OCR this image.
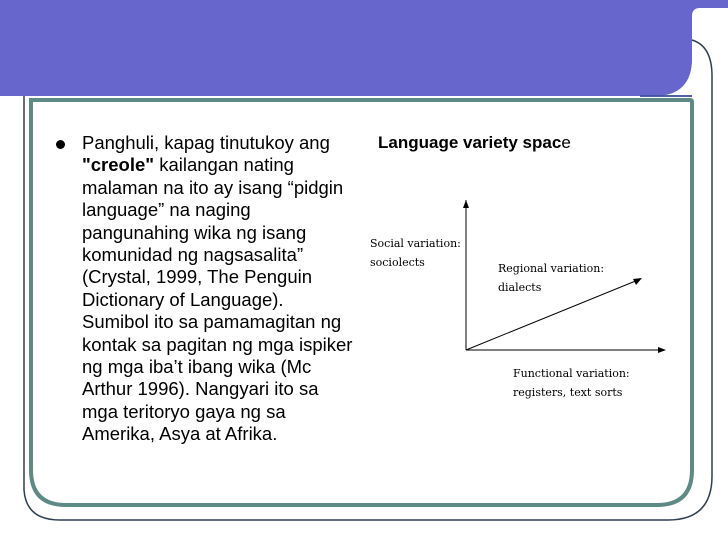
Panghuli, kapag tinutukoy ang "creole" kailangan nating malaman na ito ay isang “pidgin language” na naging pangunahing wika ng isang komunidad ng nagsasalita” (Crystal, 1999, The Penguin Dictionary of Language). Sumibol ito sa pamamagitan ng kontak sa pagitan ng mga ispiker ng mga iba’t ibang wika (Mc Arthur 1996). Nangyari ito sa mga teritoryo gaya ng sa Amerika, Asya at Afrika.
Language variety space
Social variation:
sociolects	Regional variation:
dialects
Functional variation:
registers, text sorts
